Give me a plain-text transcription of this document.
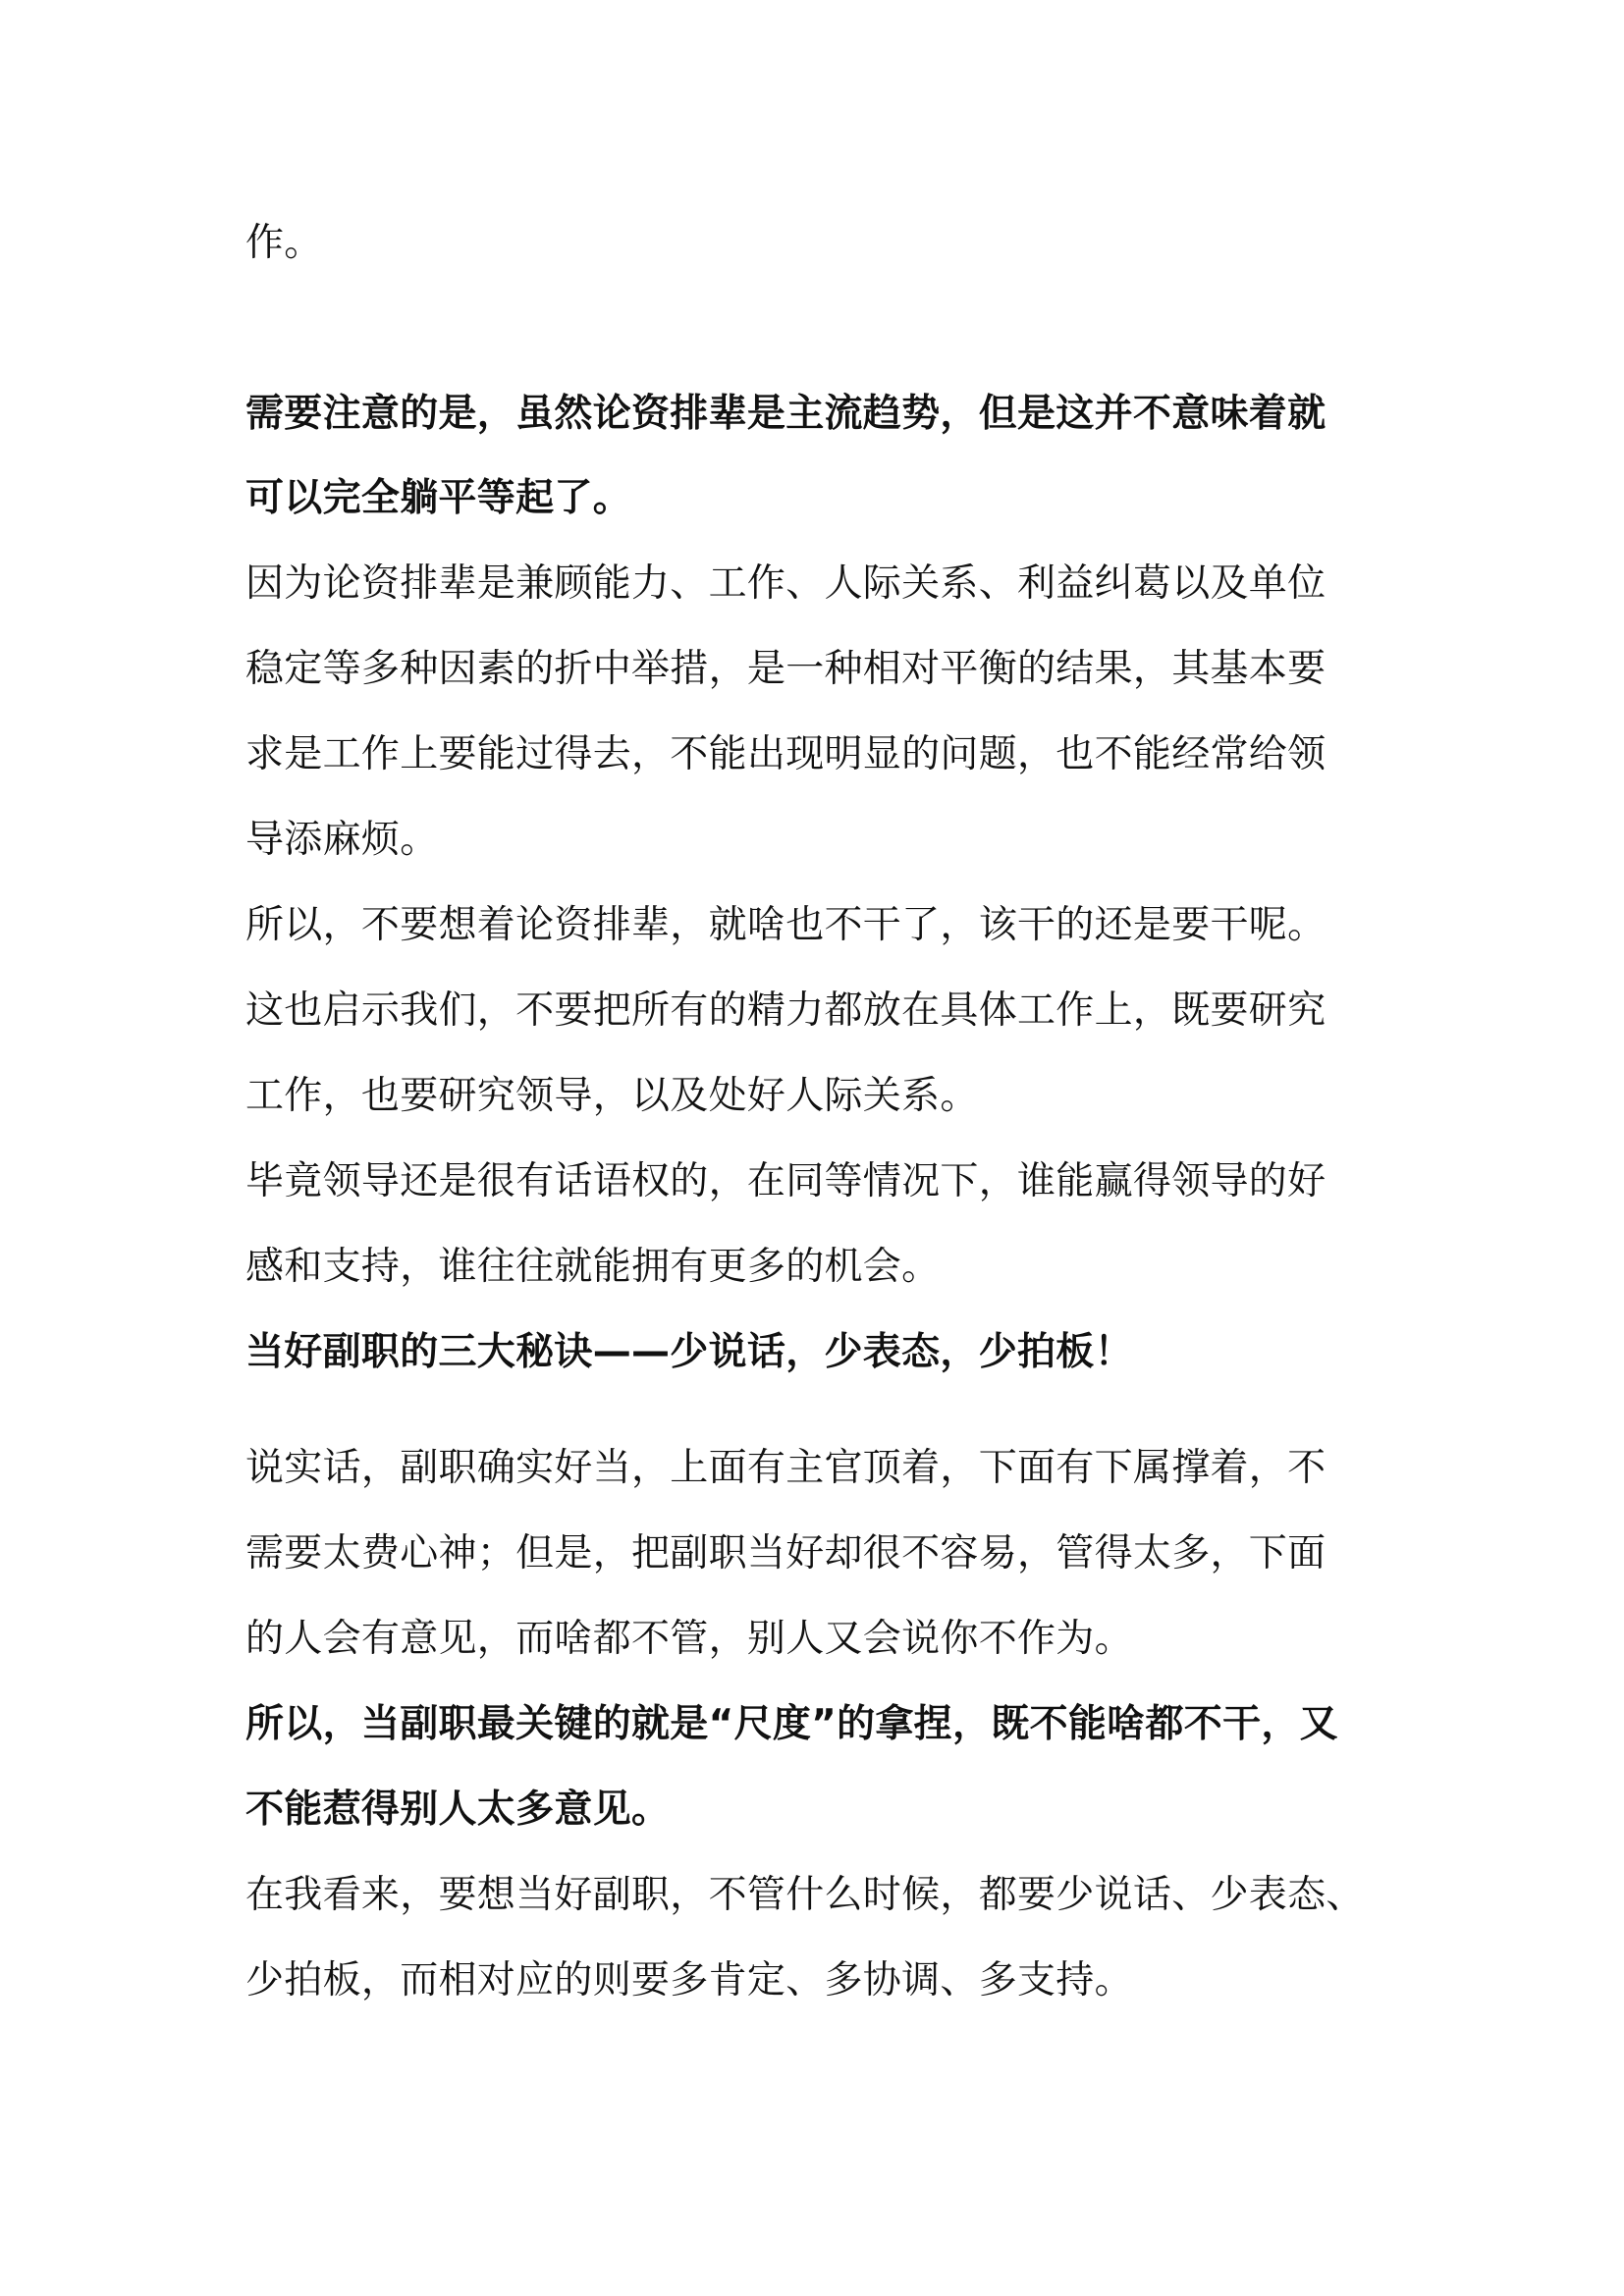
作。
需要注意的是，虽然论资排辈是主流趋势，但是这并不意味着就
可以完全躺平等起了。
因为论资排辈是兼顾能力、工作、人际关系、利益纠葛以及单位
稳定等多种因素的折中举措，是一种相对平衡的结果，其基本要
求是工作上要能过得去，不能出现明显的问题，也不能经常给领
导添麻烦。
所以，不要想着论资排辈，就啥也不干了，该干的还是要干呢。
这也启示我们，不要把所有的精力都放在具体工作上，既要研究
工作，也要研究领导，以及处好人际关系。
毕竟领导还是很有话语权的，在同等情况下，谁能赢得领导的好
感和支持，谁往往就能拥有更多的机会。
当好副职的三大秘诀——少说话，少表态，少拍板！
说实话，副职确实好当，上面有主官顶着，下面有下属撑着，不
需要太费心神；但是，把副职当好却很不容易，管得太多，下面
的人会有意见，而啥都不管，别人又会说你不作为。
所以，当副职最关键的就是“尺度”的拿捏，既不能啥都不干，又
不能惹得别人太多意见。
在我看来，要想当好副职，不管什么时候，都要少说话、少表态、
少拍板，而相对应的则要多肯定、多协调、多支持。
